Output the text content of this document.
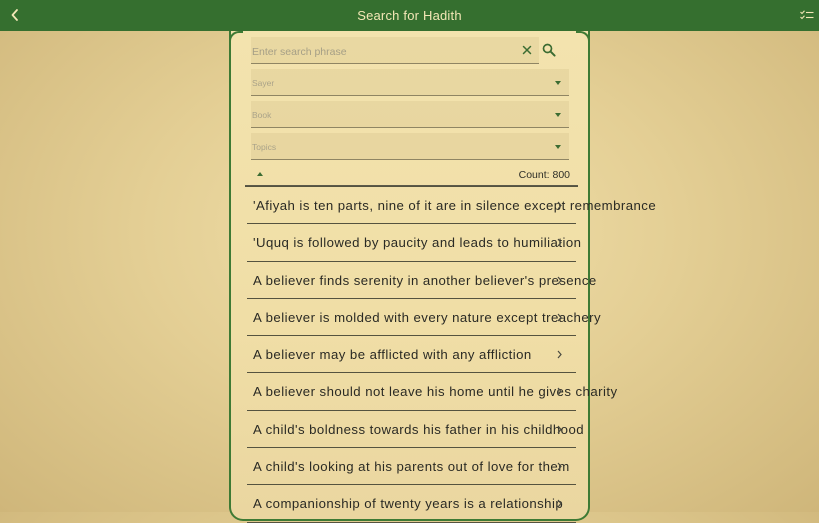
Search for Hadith
Enter search phrase
Sayer
Book
Topics
Count: 800
'Afiyah is ten parts, nine of it are in silence except remembrance
'Uquq is followed by paucity and leads to humiliation
A believer finds serenity in another believer's presence
A believer is molded with every nature except treachery
A believer may be afflicted with any affliction
A believer should not leave his home until he gives charity
A child's boldness towards his father in his childhood
A child's looking at his parents out of love for them
A companionship of twenty years is a relationship
